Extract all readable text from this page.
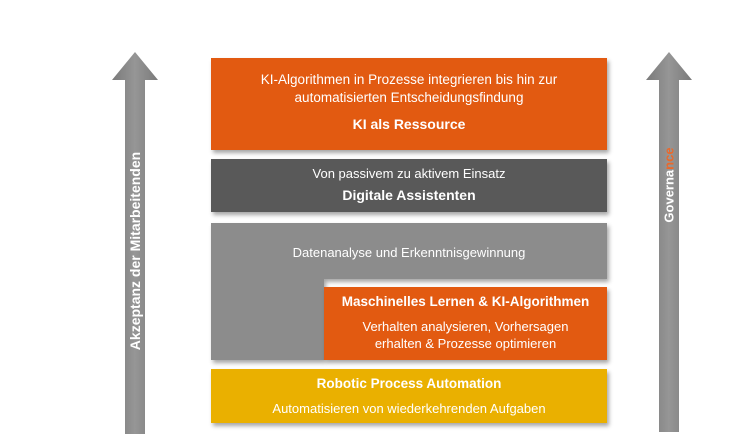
Akzeptanz der Mitarbeitenden	Governance
KI-Algorithmen in Prozesse integrieren bis hin zur
automatisierten Entscheidungsfindung
KI als Ressource
Von passivem zu aktivem Einsatz
Digitale Assistenten
Datenanalyse und Erkenntnisgewinnung
Maschinelles Lernen & KI-Algorithmen
Verhalten analysieren, Vorhersagen
erhalten & Prozesse optimieren
Robotic Process Automation
Automatisieren von wiederkehrenden Aufgaben
